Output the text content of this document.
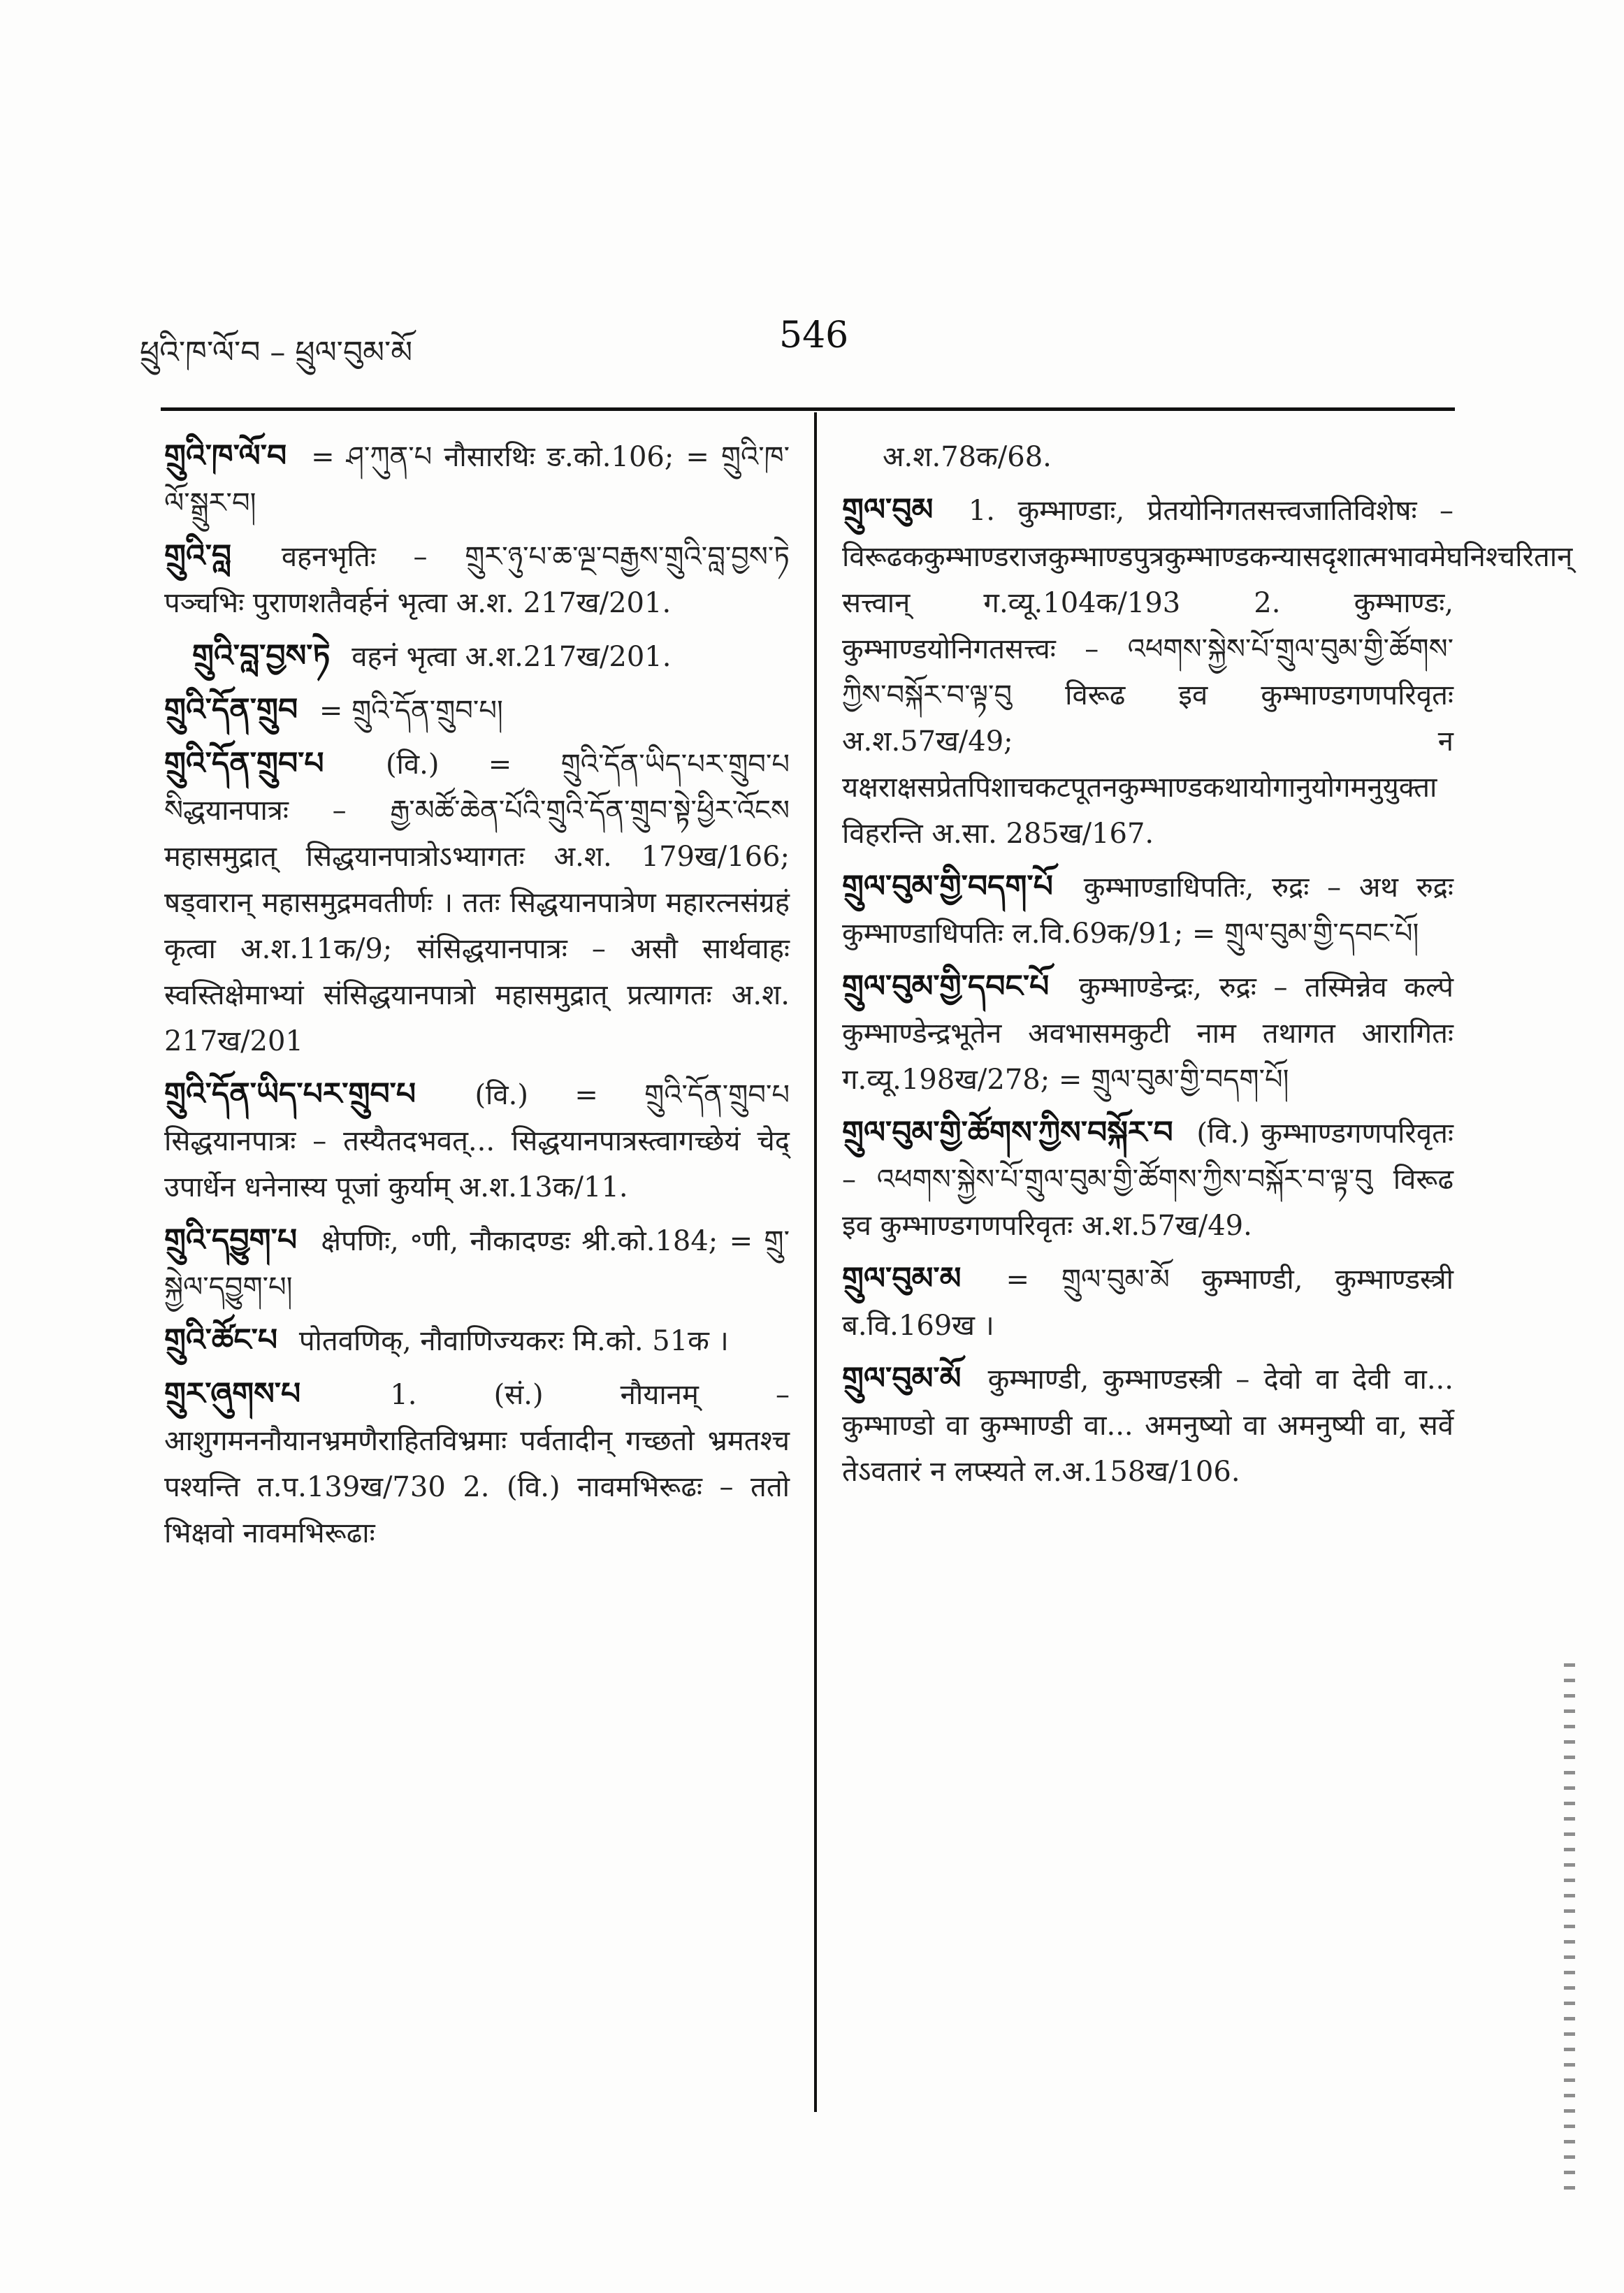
ཕྲུའི་ཁ་ལོ་བ – ཕྲུལ་བུམ་མོ	546

གྲུའི་ཁ་ལོ་བ = ཤ་ཀུན་པ नौसारथिः ङ.को.106; = གྲུའི་ཁ་ལོ་སྒྲུར་བ།

གྲུའི་བླ वहनभृतिः – གྲུར་ཉུ་པ་ཆ་ལྔ་བརྒྱས་གྲུའི་བླ་བྱས་ཏེ पञ्चभिः पुराणशतैवर्हनं भृत्वा अ.श. 217ख/201.

གྲུའི་བླ་བྱས་ཏེ वहनं भृत्वा अ.श.217ख/201.

གྲུའི་དོན་གྲུབ = གྲུའི་དོན་གྲུབ་པ།

གྲུའི་དོན་གྲུབ་པ (वि.) = གྲུའི་དོན་ཡིད་པར་གྲུབ་པ སིद्धयानपात्रः – རྒྱ་མཚོ་ཆེན་པོའི་གྲུའི་དོན་གྲུབ་སྟེ་ཕྱིར་འོངས महासमुद्रात् सिद्धयानपात्रोऽभ्यागतः अ.श. 179ख/166; षड्वारान् महासमुद्रमवतीर्णः । ततः सिद्धयानपात्रेण महारत्नसंग्रहं कृत्वा अ.श.11क/9; संसिद्धयानपात्रः – असौ सार्थवाहः स्वस्तिक्षेमाभ्यां संसिद्धयानपात्रो महासमुद्रात् प्रत्यागतः अ.श. 217ख/201

གྲུའི་དོན་ཡིད་པར་གྲུབ་པ (वि.) = གྲུའི་དོན་གྲུབ་པ सिद्धयानपात्रः – तस्यैतदभवत्... सिद्धयानपात्रस्त्वागच्छेयं चेद् उपार्धेन धनेनास्य पूजां कुर्याम् अ.श.13क/11.

གྲུའི་དབྱུག་པ क्षेपणिः, ॰णी, नौकादण्डः श्री.को.184; = གྲུ་སྐྱེལ་དབྱུག་པ།

གྲུའི་ཚོང་པ पोतवणिक्, नौवाणिज्यकरः मि.को. 51क ।

གྲུར་ཞུགས་པ	1. (सं.) नौयानम् – आशुगमननौयानभ्रमणैराहितविभ्रमाः पर्वतादीन् गच्छतो भ्रमतश्च पश्यन्ति त.प.139ख/730 2. (वि.) नावमभिरूढः – ततो भिक्षवो नावमभिरूढाः

अ.श.78क/68.

གྲུལ་བུམ 1. कुम्भाण्डाः, प्रेतयोनिगतसत्त्वजातिविशेषः – विरूढककुम्भाण्डराजकुम्भाण्डपुत्रकुम्भाण्डकन्यासदृशात्मभावमेघनिश्चरितान् सत्त्वान् ग.व्यू.104क/193 2. कुम्भाण्डः, कुम्भाण्डयोनिगतसत्त्वः – འཕགས་སྐྱེས་པོ་གྲུལ་བུམ་གྱི་ཚོགས་ཀྱིས་བསྐོར་བ་ལྟ་བུ विरूढ इव कुम्भाण्डगणपरिवृतः अ.श.57ख/49; न यक्षराक्षसप्रेतपिशाचकटपूतनकुम्भाण्डकथायोगानुयोगमनुयुक्ता विहरन्ति अ.सा. 285ख/167.

གྲུལ་བུམ་གྱི་བདག་པོ कुम्भाण्डाधिपतिः, रुद्रः – अथ रुद्रः कुम्भाण्डाधिपतिः ल.वि.69क/91; = གྲུལ་བུམ་གྱི་དབང་པོ།

གྲུལ་བུམ་གྱི་དབང་པོ कुम्भाण्डेन्द्रः, रुद्रः – तस्मिन्नेव कल्पे कुम्भाण्डेन्द्रभूतेन अवभासमकुटी नाम तथागत आरागितः ग.व्यू.198ख/278; = གྲུལ་བུམ་གྱི་བདག་པོ།

གྲུལ་བུམ་གྱི་ཚོགས་ཀྱིས་བསྐོར་བ (वि.) कुम्भाण्डगणपरिवृतः – འཕགས་སྐྱེས་པོ་གྲུལ་བུམ་གྱི་ཚོགས་ཀྱིས་བསྐོར་བ་ལྟ་བུ विरूढ इव कुम्भाण्डगणपरिवृतः अ.श.57ख/49.

གྲུལ་བུམ་མ = གྲུལ་བུམ་མོ कुम्भाण्डी, कुम्भाण्डस्त्री ब.वि.169ख ।

གྲུལ་བུམ་མོ कुम्भाण्डी, कुम्भाण्डस्त्री – देवो वा देवी वा... कुम्भाण्डो वा कुम्भाण्डी वा... अमनुष्यो वा अमनुष्यी वा, सर्वे तेऽवतारं न लप्स्यते ल.अ.158ख/106.
